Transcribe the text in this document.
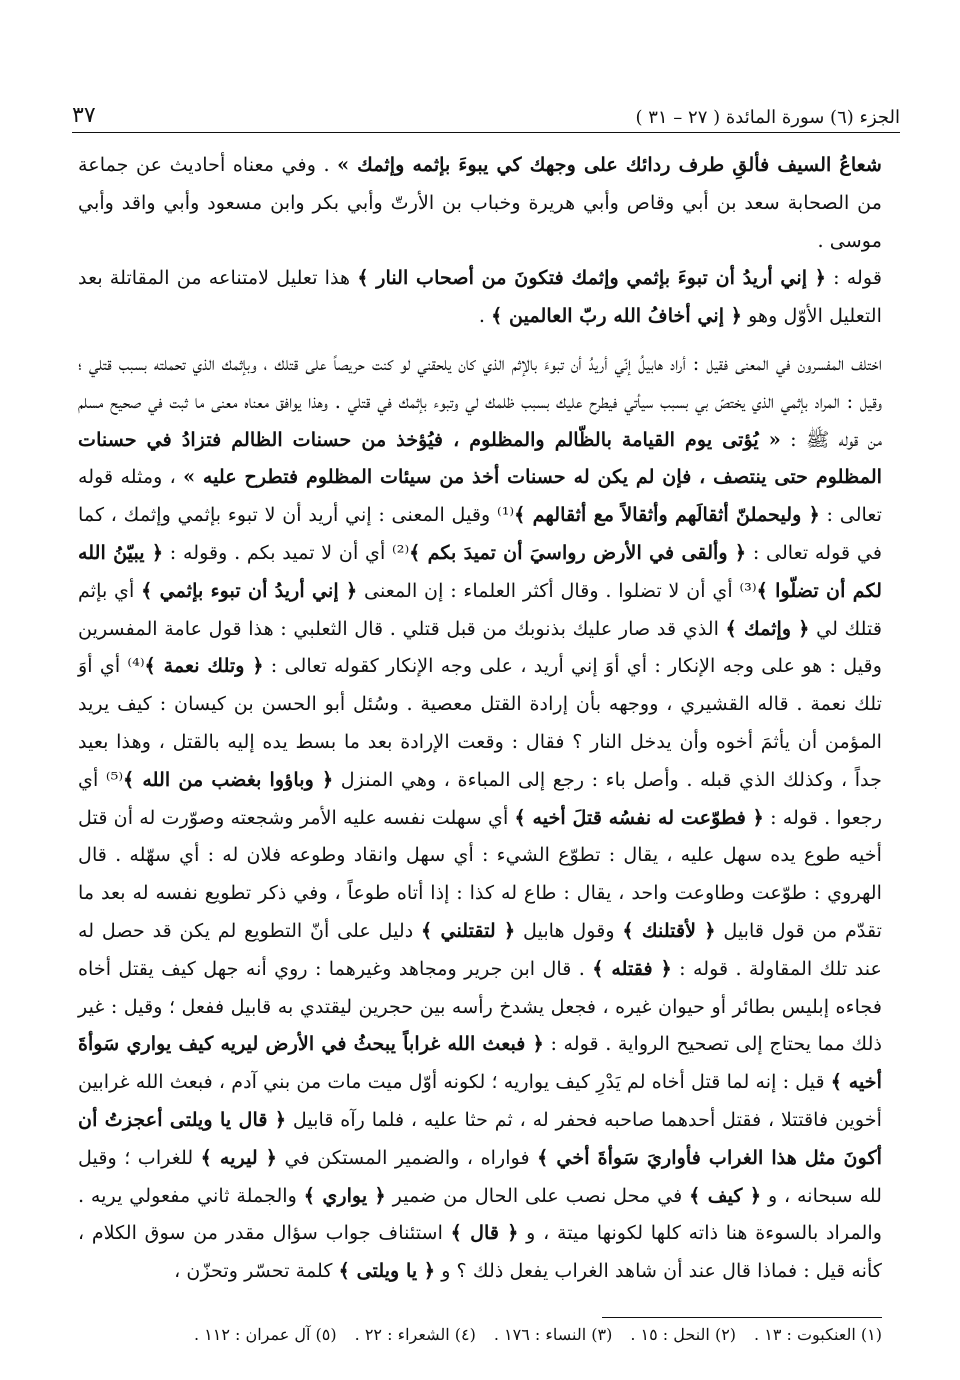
الجزء (٦) سورة المائدة ( ٢٧ – ٣١ )
٣٧

شعاعُ السيف فألقِ طرف ردائك على وجهك كي يبوءَ بإثمه وإثمك » . وفي معناه أحاديث عن جماعة من الصحابة سعد بن أبي وقاص وأبي هريرة وخباب بن الأرتّ وأبي بكر وابن مسعود وأبي واقد وأبي موسى .

قوله : ﴿ إني أريدُ أن تبوءَ بإثمي وإثمك فتكونَ من أصحاب النار ﴾ هذا تعليل لامتناعه من المقاتلة بعد التعليل الأوّل وهو ﴿ إني أخافُ الله ربّ العالمين ﴾ .

اختلف المفسرون في المعنى فقيل : أراد هابيلُ إنّي أريدُ أن تبوءَ بالإثم الذي كان يلحقني لو كنت حريصاً على قتلك ، وبإثمك الذي تحملته بسبب قتلي ؛ وقيل : المراد بإثمي الذي يختصّ بي بسبب سيأتي فيطرح عليك بسبب ظلمك لي وتبوء بإثمك في قتلي . وهذا يوافق معناه معنى ما ثبت في صحيح مسلم من قوله ﷺ : « يُؤتى يوم القيامة بالظّالم والمظلوم ، فيُؤخذ من حسنات الظالم فتزادُ في حسنات المظلوم حتى ينتصف ، فإن لم يكن له حسنات أخذ من سيئات المظلوم فتطرح عليه » ، ومثله قوله تعالى : ﴿ وليحملنّ أثقالَهم وأثقالاً مع أثقالهم ﴾⁽¹⁾ وقيل المعنى : إني أريد أن لا تبوء بإثمي وإثمك ، كما في قوله تعالى : ﴿ وألقى في الأرض رواسيَ أن تميدَ بكم ﴾⁽²⁾ أي أن لا تميد بكم . وقوله : ﴿ يبيّنُ الله لكم أن تضلّوا ﴾⁽³⁾ أي أن لا تضلوا . وقال أكثر العلماء : إن المعنى ﴿ إني أريدُ أن تبوء بإثمي ﴾ أي بإثم قتلك لي ﴿ وإثمك ﴾ الذي قد صار عليك بذنوبك من قبل قتلي . قال الثعلبي : هذا قول عامة المفسرين وقيل : هو على وجه الإنكار : أي أوَ إني أريد ، على وجه الإنكار كقوله تعالى : ﴿ وتلك نعمة ﴾⁽⁴⁾ أي أوَ تلك نعمة . قاله القشيري ، ووجهه بأن إرادة القتل معصية . وسُئل أبو الحسن بن كيسان : كيف يريد المؤمن أن يأثمَ أخوه وأن يدخل النار ؟ فقال : وقعت الإرادة بعد ما بسط يده إليه بالقتل ، وهذا بعيد جداً ، وكذلك الذي قبله . وأصل باء : رجع إلى المباءة ، وهي المنزل ﴿ وباؤوا بغضب من الله ﴾⁽⁵⁾ أي رجعوا . قوله : ﴿ فطوّعت له نفسُه قتلَ أخيه ﴾ أي سهلت نفسه عليه الأمر وشجعته وصوّرت له أن قتل أخيه طوع يده سهل عليه ، يقال : تطوّع الشيء : أي سهل وانقاد وطوعه فلان له : أي سهّله . قال الهروي : طوّعت وطاوعت واحد ، يقال : طاع له كذا : إذا أتاه طوعاً ، وفي ذكر تطويع نفسه له بعد ما تقدّم من قول قابيل ﴿ لأقتلنك ﴾ وقول هابيل ﴿ لتقتلني ﴾ دليل على أنّ التطويع لم يكن قد حصل له عند تلك المقاولة . قوله : ﴿ فقتله ﴾ . قال ابن جرير ومجاهد وغيرهما : روي أنه جهل كيف يقتل أخاه فجاءه إبليس بطائر أو حيوان غيره ، فجعل يشدخ رأسه بين حجرين ليقتدي به قابيل ففعل ؛ وقيل : غير ذلك مما يحتاج إلى تصحيح الرواية . قوله : ﴿ فبعث الله غراباً يبحثُ في الأرض ليريه كيف يواري سَوأةَ أخيه ﴾ قيل : إنه لما قتل أخاه لم يَدْرِ كيف يواريه ؛ لكونه أوّل ميت مات من بني آدم ، فبعث الله غرابين أخوين فاقتتلا ، فقتل أحدهما صاحبه فحفر له ، ثم حثا عليه ، فلما رآه قابيل ﴿ قال يا ويلتى أعجزتُ أن أكونَ مثل هذا الغراب فأواريَ سَوأةَ أخي ﴾ فواراه ، والضمير المستكن في ﴿ ليريه ﴾ للغراب ؛ وقيل لله سبحانه ، و ﴿ كيف ﴾ في محل نصب على الحال من ضمير ﴿ يواري ﴾ والجملة ثاني مفعولي يريه . والمراد بالسوءة هنا ذاته كلها لكونها ميتة ، و ﴿ قال ﴾ استئناف جواب سؤال مقدر من سوق الكلام ، كأنه قيل : فماذا قال عند أن شاهد الغراب يفعل ذلك ؟ و ﴿ يا ويلتى ﴾ كلمة تحسّر وتحزّن ،

(١) العنكبوت : ١٣ .(٢) النحل : ١٥ .(٣) النساء : ١٧٦ .(٤) الشعراء : ٢٢ .(٥) آل عمران : ١١٢ .
